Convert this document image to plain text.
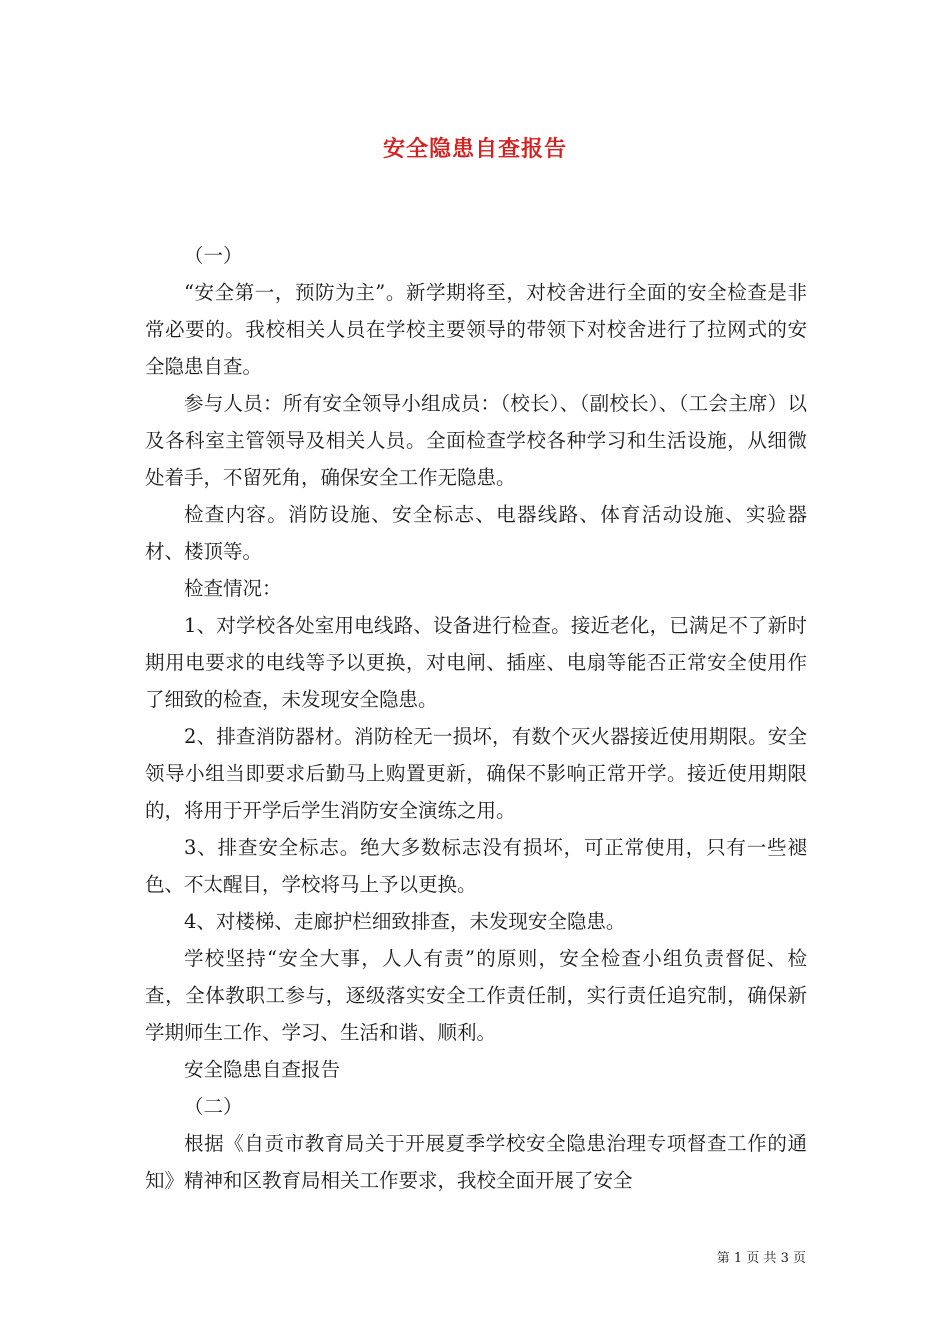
安全隐患自查报告

（一）

“安全第一，预防为主”。新学期将至，对校舍进行全面的安全检查是非常必要的。我校相关人员在学校主要领导的带领下对校舍进行了拉网式的安全隐患自查。

参与人员：所有安全领导小组成员：（校长）、（副校长）、（工会主席）以及各科室主管领导及相关人员。全面检查学校各种学习和生活设施，从细微处着手，不留死角，确保安全工作无隐患。

检查内容。消防设施、安全标志、电器线路、体育活动设施、实验器材、楼顶等。

检查情况：

1、对学校各处室用电线路、设备进行检查。接近老化，已满足不了新时期用电要求的电线等予以更换，对电闸、插座、电扇等能否正常安全使用作了细致的检查，未发现安全隐患。

2、排查消防器材。消防栓无一损坏，有数个灭火器接近使用期限。安全领导小组当即要求后勤马上购置更新，确保不影响正常开学。接近使用期限的，将用于开学后学生消防安全演练之用。

3、排查安全标志。绝大多数标志没有损坏，可正常使用，只有一些褪色、不太醒目，学校将马上予以更换。

4、对楼梯、走廊护栏细致排查，未发现安全隐患。

学校坚持“安全大事，人人有责”的原则，安全检查小组负责督促、检查，全体教职工参与，逐级落实安全工作责任制，实行责任追究制，确保新学期师生工作、学习、生活和谐、顺利。

安全隐患自查报告

（二）

根据《自贡市教育局关于开展夏季学校安全隐患治理专项督查工作的通知》精神和区教育局相关工作要求，我校全面开展了安全

第 1 页 共 3 页
